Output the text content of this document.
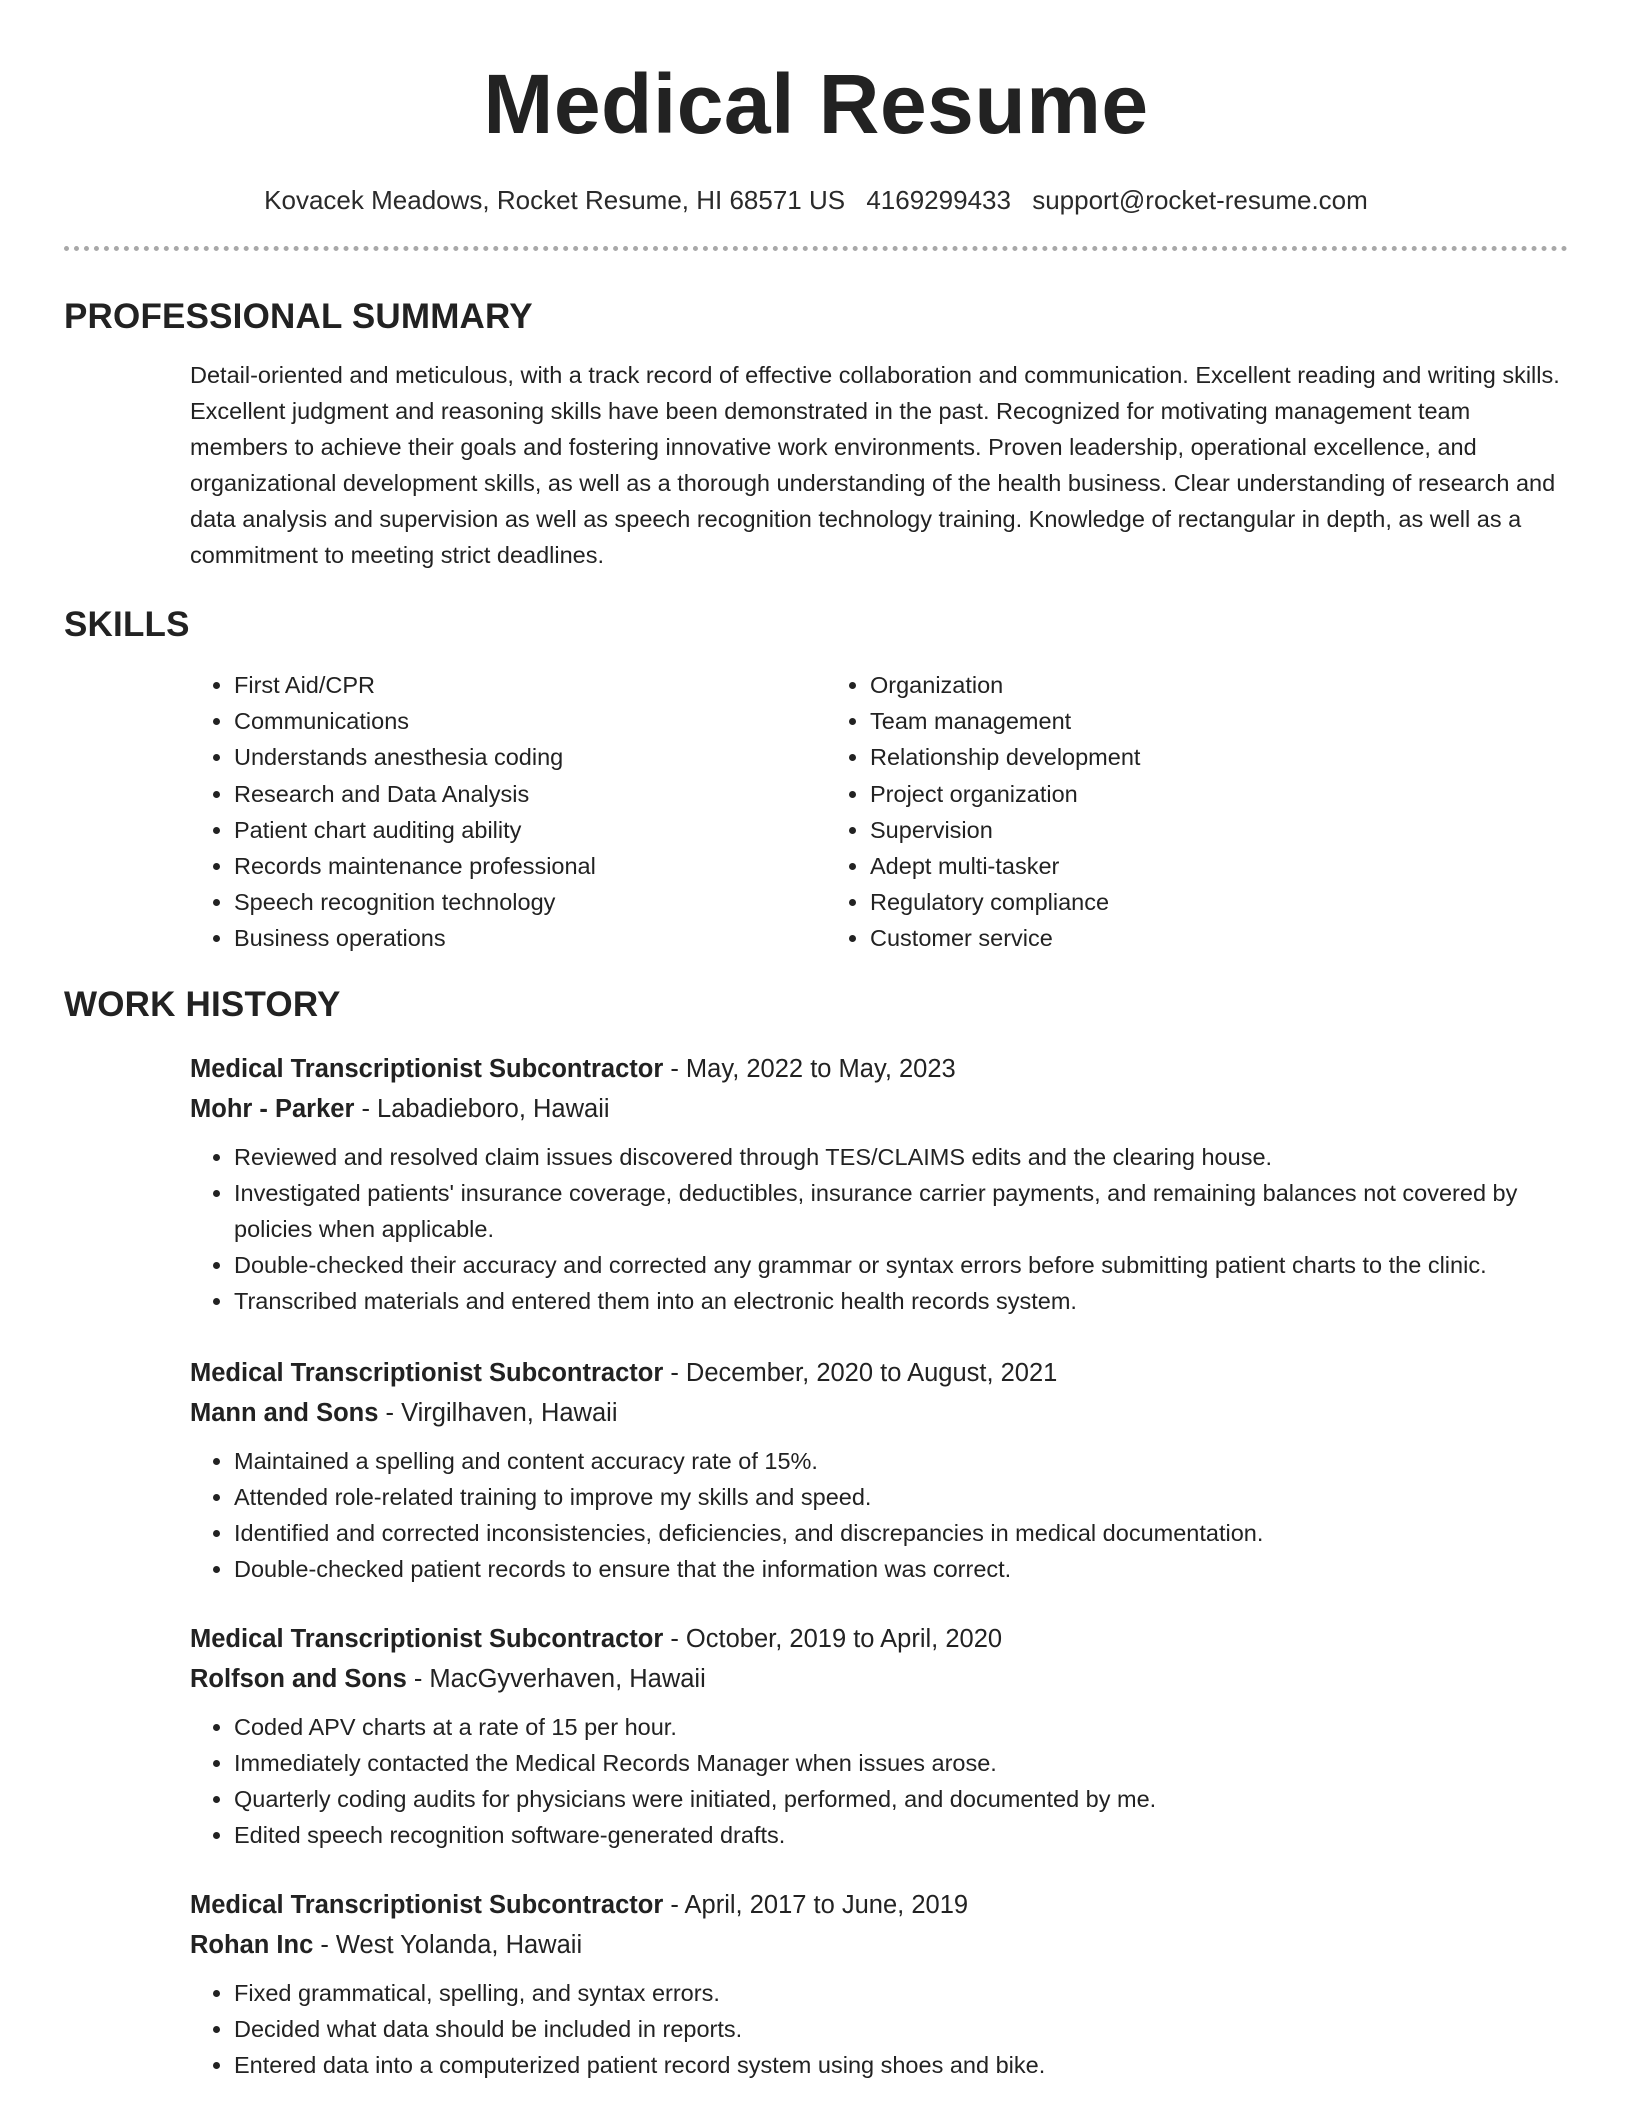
Medical Resume
Kovacek Meadows, Rocket Resume, HI 68571 US 4169299433 support@rocket-resume.com
PROFESSIONAL SUMMARY

Detail-oriented and meticulous, with a track record of effective collaboration and communication. Excellent reading and writing skills. Excellent judgment and reasoning skills have been demonstrated in the past. Recognized for motivating management team members to achieve their goals and fostering innovative work environments. Proven leadership, operational excellence, and organizational development skills, as well as a thorough understanding of the health business. Clear understanding of research and data analysis and supervision as well as speech recognition technology training. Knowledge of rectangular in depth, as well as a commitment to meeting strict deadlines.

SKILLS
• First Aid/CPR
• Communications
• Understands anesthesia coding
• Research and Data Analysis
• Patient chart auditing ability
• Records maintenance professional
• Speech recognition technology
• Business operations
• Organization
• Team management
• Relationship development
• Project organization
• Supervision
• Adept multi-tasker
• Regulatory compliance
• Customer service
WORK HISTORY
Medical Transcriptionist Subcontractor - May, 2022 to May, 2023
Mohr - Parker - Labadieboro, Hawaii
• Reviewed and resolved claim issues discovered through TES/CLAIMS edits and the clearing house.
• Investigated patients' insurance coverage, deductibles, insurance carrier payments, and remaining balances not covered by policies when applicable.
• Double-checked their accuracy and corrected any grammar or syntax errors before submitting patient charts to the clinic.
• Transcribed materials and entered them into an electronic health records system.
Medical Transcriptionist Subcontractor - December, 2020 to August, 2021
Mann and Sons - Virgilhaven, Hawaii
• Maintained a spelling and content accuracy rate of 15%.
• Attended role-related training to improve my skills and speed.
• Identified and corrected inconsistencies, deficiencies, and discrepancies in medical documentation.
• Double-checked patient records to ensure that the information was correct.
Medical Transcriptionist Subcontractor - October, 2019 to April, 2020
Rolfson and Sons - MacGyverhaven, Hawaii
• Coded APV charts at a rate of 15 per hour.
• Immediately contacted the Medical Records Manager when issues arose.
• Quarterly coding audits for physicians were initiated, performed, and documented by me.
• Edited speech recognition software-generated drafts.
Medical Transcriptionist Subcontractor - April, 2017 to June, 2019
Rohan Inc - West Yolanda, Hawaii
• Fixed grammatical, spelling, and syntax errors.
• Decided what data should be included in reports.
• Entered data into a computerized patient record system using shoes and bike.
